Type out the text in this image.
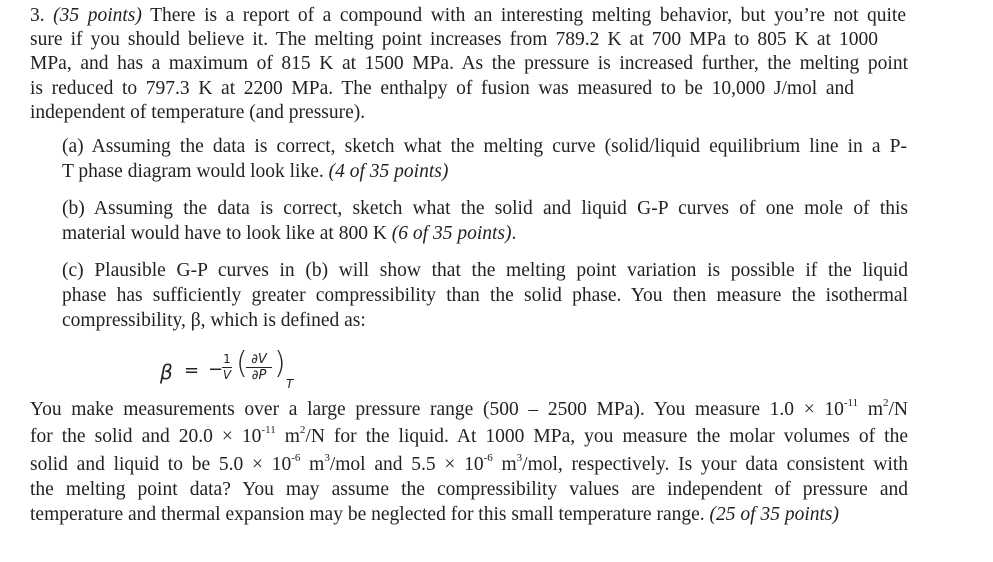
3. (35 points) There is a report of a compound with an interesting melting behavior, but you’re not quite
sure if you should believe it. The melting point increases from 789.2 K at 700 MPa to 805 K at 1000
MPa, and has a maximum of 815 K at 1500 MPa. As the pressure is increased further, the melting point
is reduced to 797.3 K at 2200 MPa. The enthalpy of fusion was measured to be 10,000 J/mol and
independent of temperature (and pressure).
(a) Assuming the data is correct, sketch what the melting curve (solid/liquid equilibrium line in a P-
T phase diagram would look like. (4 of 35 points)
(b) Assuming the data is correct, sketch what the solid and liquid G-P curves of one mole of this
material would have to look like at 800 K (6 of 35 points).
(c) Plausible G-P curves in (b) will show that the melting point variation is possible if the liquid
phase has sufficiently greater compressibility than the solid phase. You then measure the isothermal
compressibility, β, which is defined as:
β = − 1
V ( ∂V
∂P )
T
You make measurements over a large pressure range (500 – 2500 MPa). You measure $1.0 \times 10^{-11}$ $m^2/N$
for the solid and $20.0 \times 10^{-11}$ $m^2/N$ for the liquid. At 1000 MPa, you measure the molar volumes of the
solid and liquid to be $5.0 \times 10^{-6}$ $m^3$/mol and $5.5 \times 10^{-6}$ $m^3$/mol, respectively. Is your data consistent with
the melting point data? You may assume the compressibility values are independent of pressure and
temperature and thermal expansion may be neglected for this small temperature range. (25 of 35 points)
